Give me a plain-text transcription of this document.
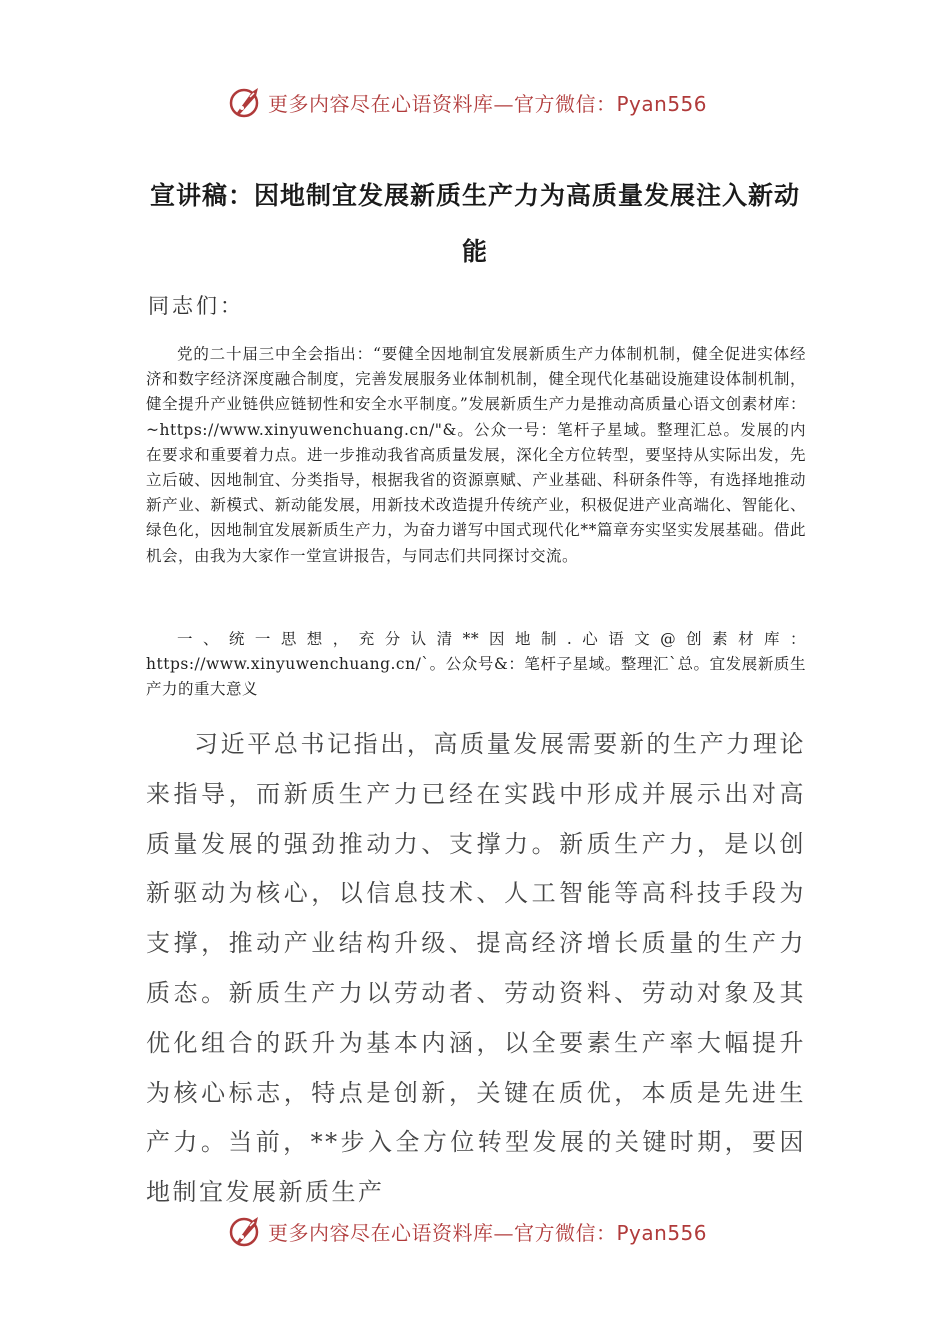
更多内容尽在心语资料库—官方微信：Pyan556
宣讲稿：因地制宜发展新质生产力为高质量发展注入新动能
同志们：

党的二十届三中全会指出：“要健全因地制宜发展新质生产力体制机制，健全促进实体经济和数字经济深度融合制度，完善发展服务业体制机制，健全现代化基础设施建设体制机制，健全提升产业链供应链韧性和安全水平制度。”发展新质生产力是推动高质量心语文创素材库：~https://www.xinyuwenchuang.cn/"&。公众一号：笔杆子星域。整理汇总。发展的内在要求和重要着力点。进一步推动我省高质量发展，深化全方位转型，要坚持从实际出发，先立后破、因地制宜、分类指导，根据我省的资源禀赋、产业基础、科研条件等，有选择地推动新产业、新模式、新动能发展，用新技术改造提升传统产业，积极促进产业高端化、智能化、绿色化，因地制宜发展新质生产力，为奋力谱写中国式现代化**篇章夯实坚实发展基础。借此机会，由我为大家作一堂宣讲报告，与同志们共同探讨交流。

一、统一思想，充分认清**因地制.心语文@创素材库：https://www.xinyuwenchuang.cn/`。公众号&：笔杆子星域。整理汇`总。宜发展新质生产力的重大意义

习近平总书记指出，高质量发展需要新的生产力理论来指导，而新质生产力已经在实践中形成并展示出对高质量发展的强劲推动力、支撑力。新质生产力，是以创新驱动为核心，以信息技术、人工智能等高科技手段为支撑，推动产业结构升级、提高经济增长质量的生产力质态。新质生产力以劳动者、劳动资料、劳动对象及其优化组合的跃升为基本内涵，以全要素生产率大幅提升为核心标志，特点是创新，关键在质优，本质是先进生产力。当前，**步入全方位转型发展的关键时期，要因地制宜发展新质生产

更多内容尽在心语资料库—官方微信：Pyan556
